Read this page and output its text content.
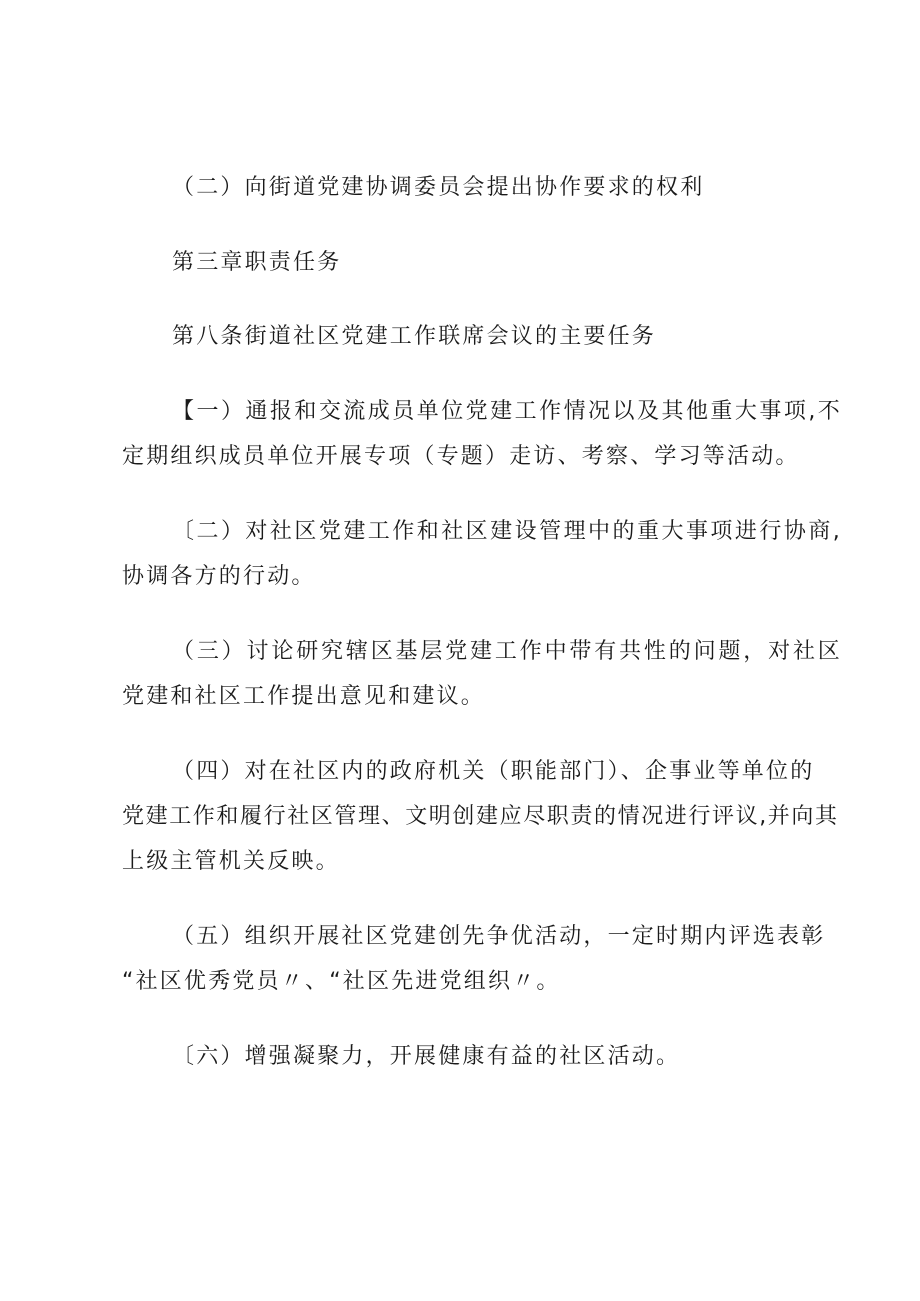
（二）向街道党建协调委员会提出协作要求的权利
第三章职责任务
第八条街道社区党建工作联席会议的主要任务
【一）通报和交流成员单位党建工作情况以及其他重大事项,不
定期组织成员单位开展专项（专题）走访、考察、学习等活动。
〔二）对社区党建工作和社区建设管理中的重大事项进行协商,
协调各方的行动。
（三）讨论研究辖区基层党建工作中带有共性的问题，对社区
党建和社区工作提出意见和建议。
（四）对在社区内的政府机关（职能部门）、企事业等单位的
党建工作和履行社区管理、文明创建应尽职责的情况进行评议,并向其
上级主管机关反映。
（五）组织开展社区党建创先争优活动，一定时期内评选表彰
“社区优秀党员〃、“社区先进党组织〃。
〔六）增强凝聚力，开展健康有益的社区活动。
